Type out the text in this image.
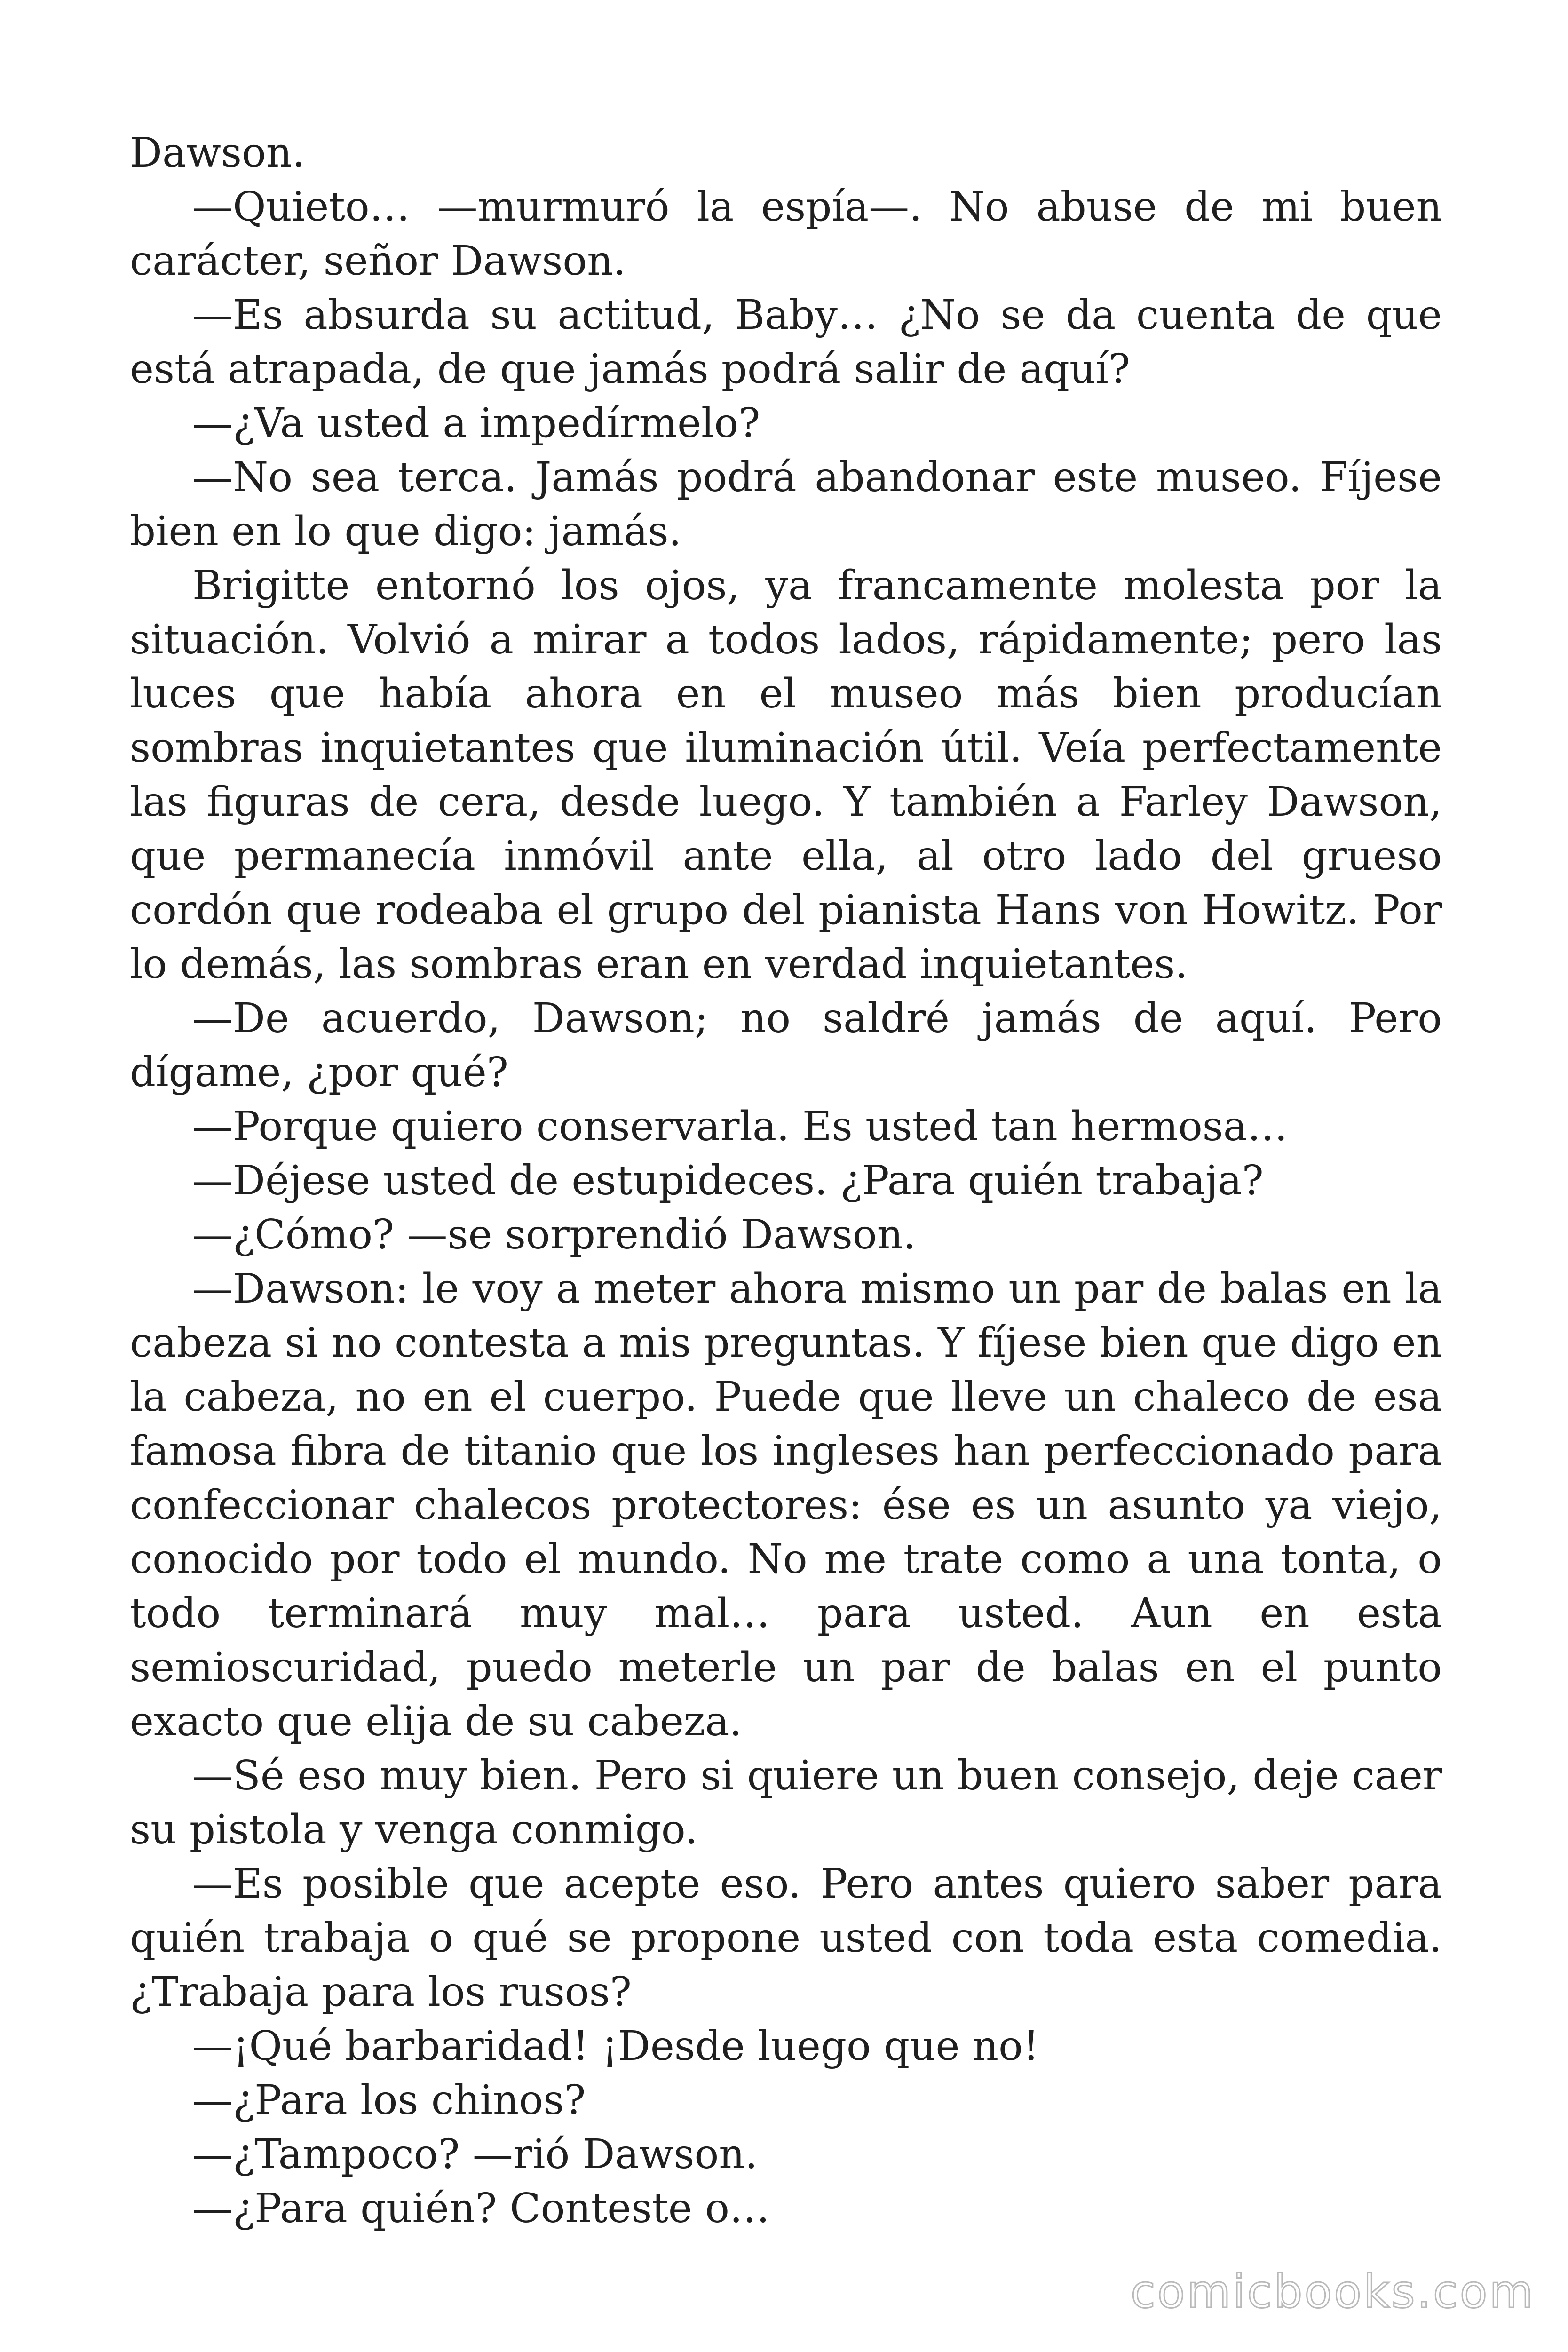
Dawson.

—Quieto… —murmuró la espía—. No abuse de mi buen carácter, señor Dawson.

—Es absurda su actitud, Baby… ¿No se da cuenta de que está atrapada, de que jamás podrá salir de aquí?

—¿Va usted a impedírmelo?

—No sea terca. Jamás podrá abandonar este museo. Fíjese bien en lo que digo: jamás.

Brigitte entornó los ojos, ya francamente molesta por la situación. Volvió a mirar a todos lados, rápidamente; pero las luces que había ahora en el museo más bien producían sombras inquietantes que iluminación útil. Veía perfectamente las figuras de cera, desde luego. Y también a Farley Dawson, que permanecía inmóvil ante ella, al otro lado del grueso cordón que rodeaba el grupo del pianista Hans von Howitz. Por lo demás, las sombras eran en verdad inquietantes.

—De acuerdo, Dawson; no saldré jamás de aquí. Pero dígame, ¿por qué?

—Porque quiero conservarla. Es usted tan hermosa…

—Déjese usted de estupideces. ¿Para quién trabaja?

—¿Cómo? —se sorprendió Dawson.

—Dawson: le voy a meter ahora mismo un par de balas en la cabeza si no contesta a mis preguntas. Y fíjese bien que digo en la cabeza, no en el cuerpo. Puede que lleve un chaleco de esa famosa fibra de titanio que los ingleses han perfeccionado para confeccionar chalecos protectores: ése es un asunto ya viejo, conocido por todo el mundo. No me trate como a una tonta, o todo terminará muy mal… para usted. Aun en esta semioscuridad, puedo meterle un par de balas en el punto exacto que elija de su cabeza.

—Sé eso muy bien. Pero si quiere un buen consejo, deje caer su pistola y venga conmigo.

—Es posible que acepte eso. Pero antes quiero saber para quién trabaja o qué se propone usted con toda esta comedia. ¿Trabaja para los rusos?

—¡Qué barbaridad! ¡Desde luego que no!

—¿Para los chinos?

—¿Tampoco? —rió Dawson.

—¿Para quién? Conteste o…

comicbooks.com
